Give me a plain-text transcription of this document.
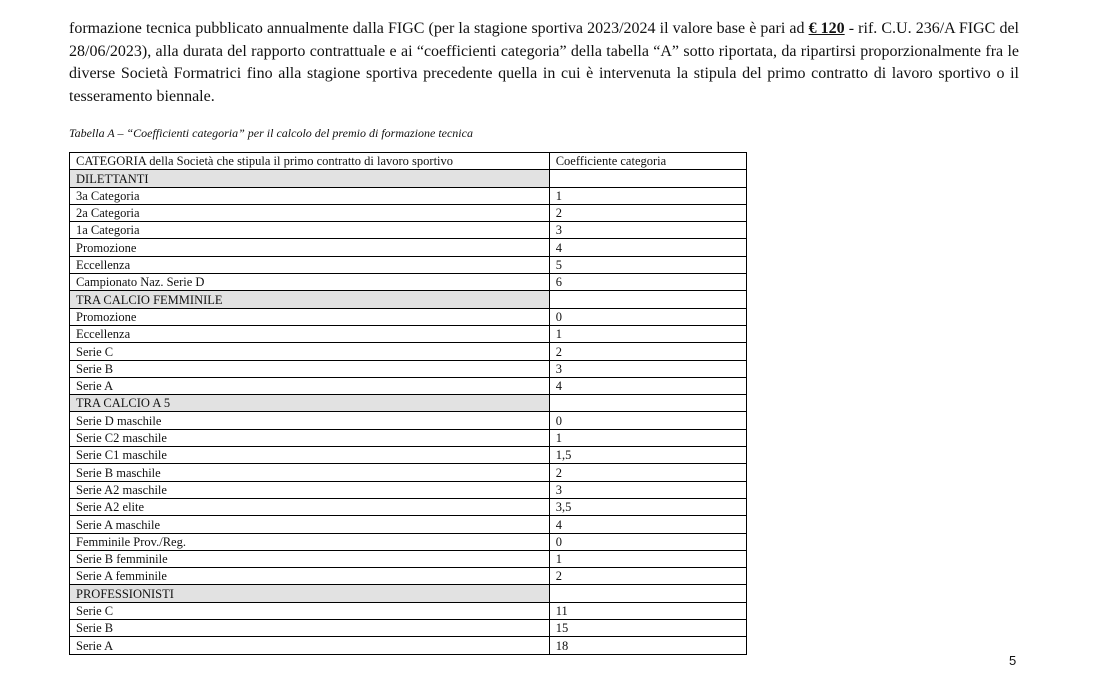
formazione tecnica pubblicato annualmente dalla FIGC (per la stagione sportiva 2023/2024 il valore base è pari ad € 120 - rif. C.U. 236/A FIGC del 28/06/2023), alla durata del rapporto contrattuale e ai “coefficienti categoria” della tabella “A” sotto riportata, da ripartirsi proporzionalmente fra le diverse Società Formatrici fino alla stagione sportiva precedente quella in cui è intervenuta la stipula del primo contratto di lavoro sportivo o il tesseramento biennale.

Tabella A – “Coefficienti categoria” per il calcolo del premio di formazione tecnica

CATEGORIA della Società che stipula il primo contratto di lavoro sportivo	Coefficiente categoria
DILETTANTI	
3a Categoria	1
2a Categoria	2
1a Categoria	3
Promozione	4
Eccellenza	5
Campionato Naz. Serie D	6
TRA CALCIO FEMMINILE	
Promozione	0
Eccellenza	1
Serie C	2
Serie B	3
Serie A	4
TRA CALCIO A 5	
Serie D maschile	0
Serie C2 maschile	1
Serie C1 maschile	1,5
Serie B maschile	2
Serie A2 maschile	3
Serie A2 elite	3,5
Serie A maschile	4
Femminile Prov./Reg.	0
Serie B femminile	1
Serie A femminile	2
PROFESSIONISTI	
Serie C	11
Serie B	15
Serie A	18
5
